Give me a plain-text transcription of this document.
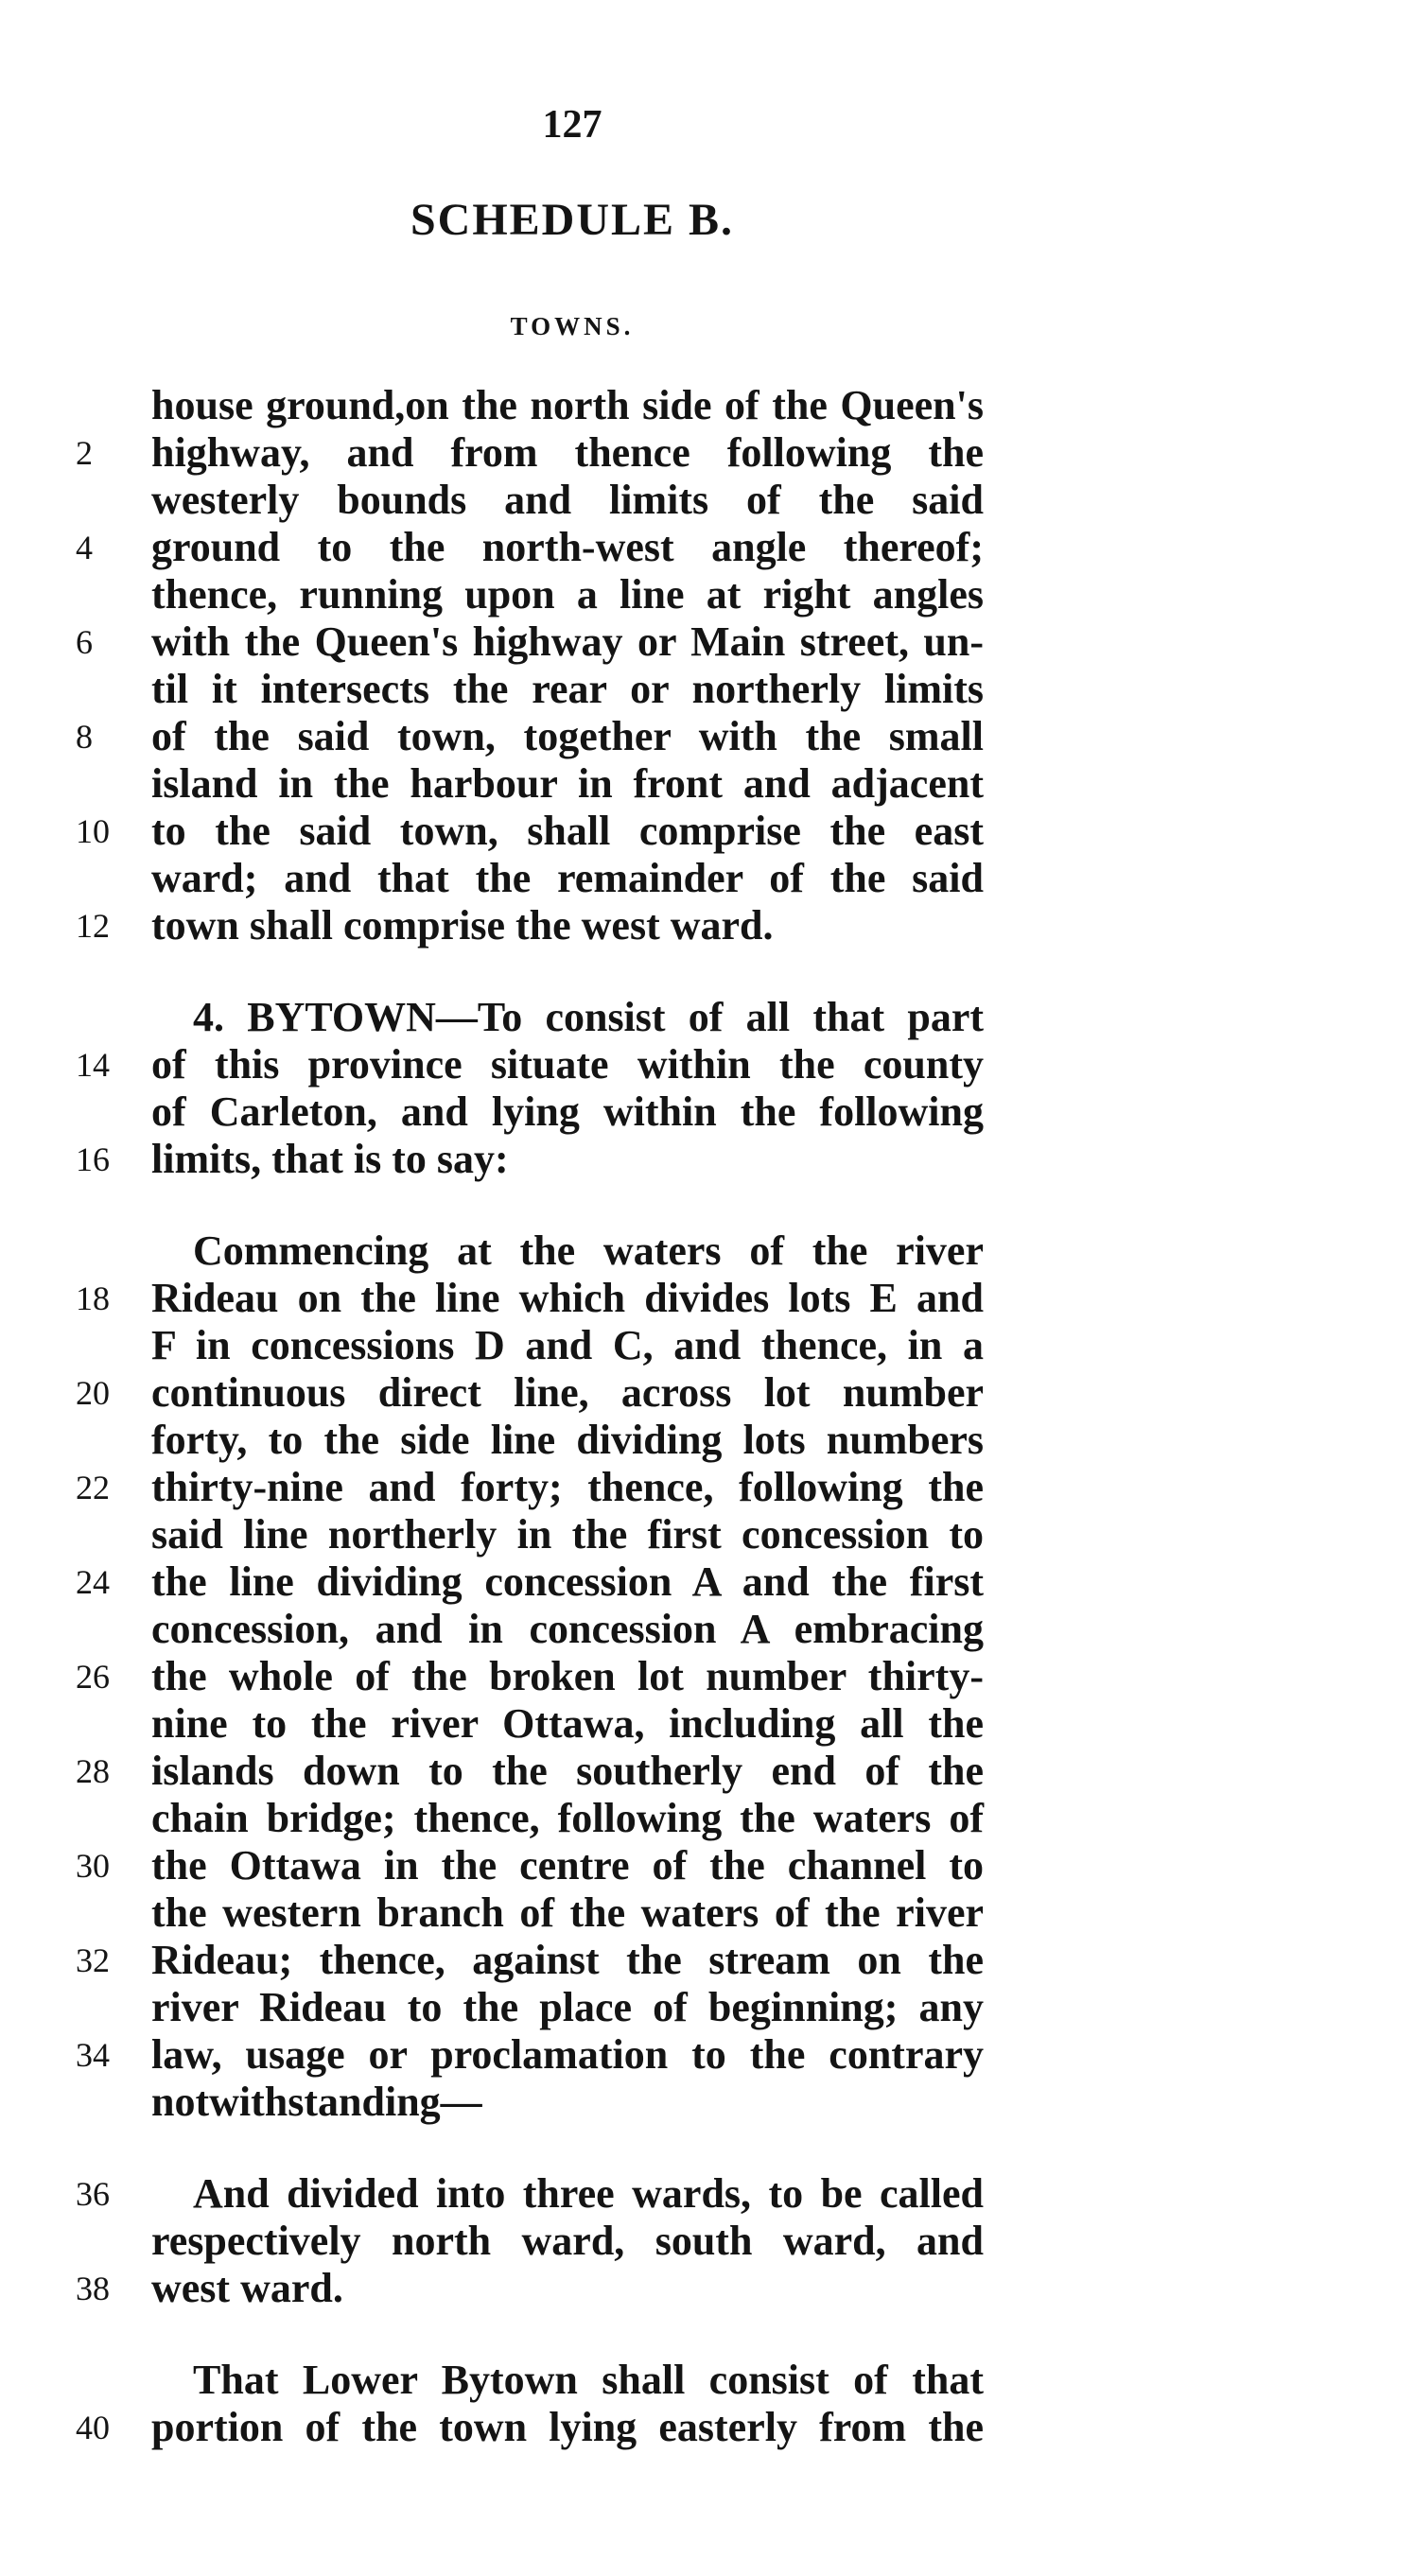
127
SCHEDULE B.
TOWNS.
house ground,on the north side of the Queen's
2	highway, and from thence following the
westerly bounds and limits of the said
4	ground to the north-west angle thereof;
thence, running upon a line at right angles
6	with the Queen's highway or Main street, un-
til it intersects the rear or northerly limits
8	of the said town, together with the small
island in the harbour in front and adjacent
10	to the said town, shall comprise the east
ward; and that the remainder of the said
12	town shall comprise the west ward.
4. BYTOWN—To consist of all that part
14	of this province situate within the county
of Carleton, and lying within the following
16	limits, that is to say:
Commencing at the waters of the river
18	Rideau on the line which divides lots E and
F in concessions D and C, and thence, in a
20	continuous direct line, across lot number
forty, to the side line dividing lots numbers
22	thirty-nine and forty; thence, following the
said line northerly in the first concession to
24	the line dividing concession A and the first
concession, and in concession A embracing
26	the whole of the broken lot number thirty-
nine to the river Ottawa, including all the
28	islands down to the southerly end of the
chain bridge; thence, following the waters of
30	the Ottawa in the centre of the channel to
the western branch of the waters of the river
32	Rideau; thence, against the stream on the
river Rideau to the place of beginning; any
34	law, usage or proclamation to the contrary
notwithstanding—
36	And divided into three wards, to be called
respectively north ward, south ward, and
38	west ward.
That Lower Bytown shall consist of that
40	portion of the town lying easterly from the
